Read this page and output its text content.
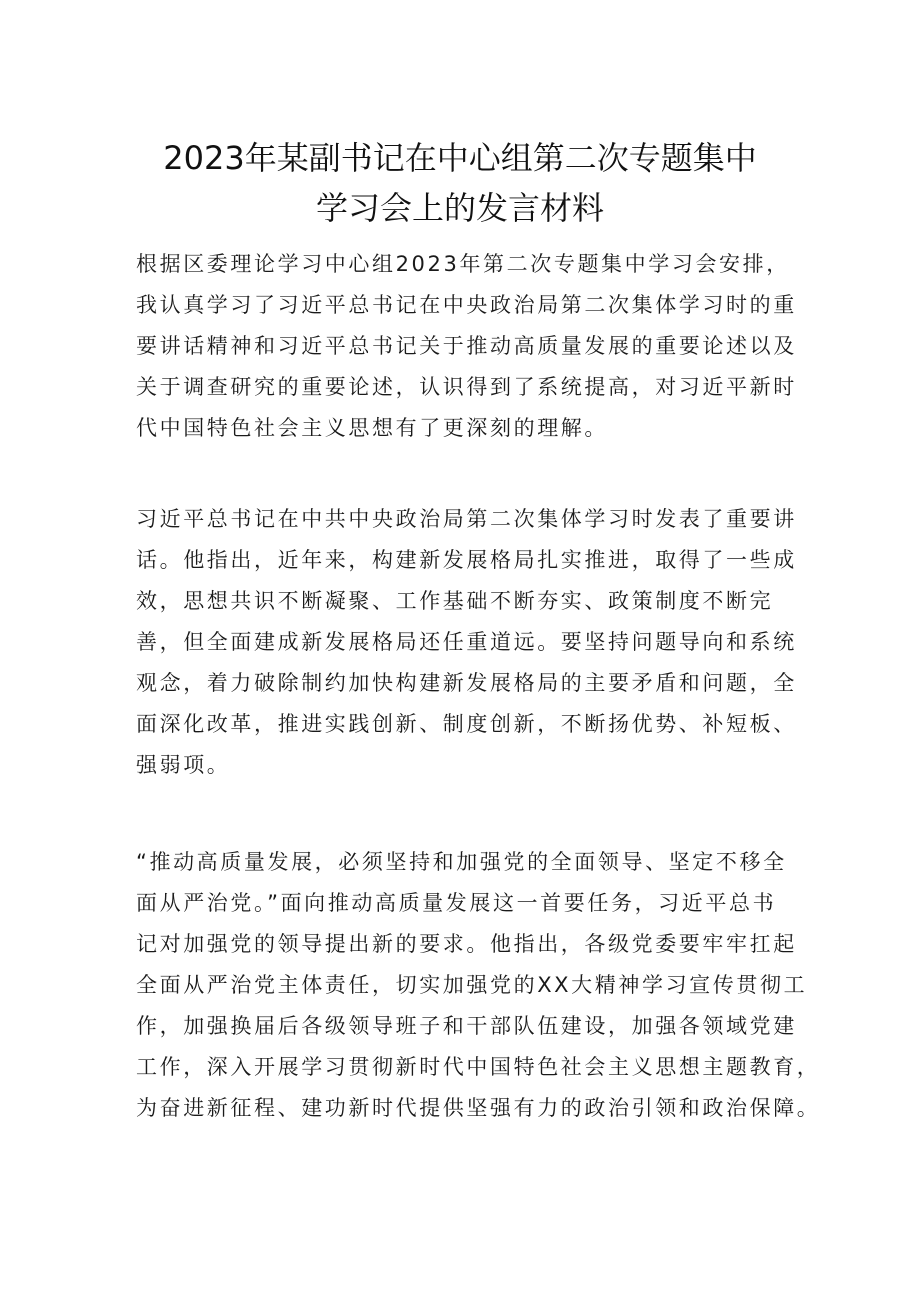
2023年某副书记在中心组第二次专题集中
学习会上的发言材料
根据区委理论学习中心组2023年第二次专题集中学习会安排，
我认真学习了习近平总书记在中央政治局第二次集体学习时的重
要讲话精神和习近平总书记关于推动高质量发展的重要论述以及
关于调查研究的重要论述，认识得到了系统提高，对习近平新时
代中国特色社会主义思想有了更深刻的理解。
习近平总书记在中共中央政治局第二次集体学习时发表了重要讲
话。他指出，近年来，构建新发展格局扎实推进，取得了一些成
效，思想共识不断凝聚、工作基础不断夯实、政策制度不断完
善，但全面建成新发展格局还任重道远。要坚持问题导向和系统
观念，着力破除制约加快构建新发展格局的主要矛盾和问题，全
面深化改革，推进实践创新、制度创新，不断扬优势、补短板、
强弱项。
“推动高质量发展，必须坚持和加强党的全面领导、坚定不移全
面从严治党。”面向推动高质量发展这一首要任务，习近平总书
记对加强党的领导提出新的要求。他指出，各级党委要牢牢扛起
全面从严治党主体责任，切实加强党的XX大精神学习宣传贯彻工
作，加强换届后各级领导班子和干部队伍建设，加强各领域党建
工作，深入开展学习贯彻新时代中国特色社会主义思想主题教育，
为奋进新征程、建功新时代提供坚强有力的政治引领和政治保障。
